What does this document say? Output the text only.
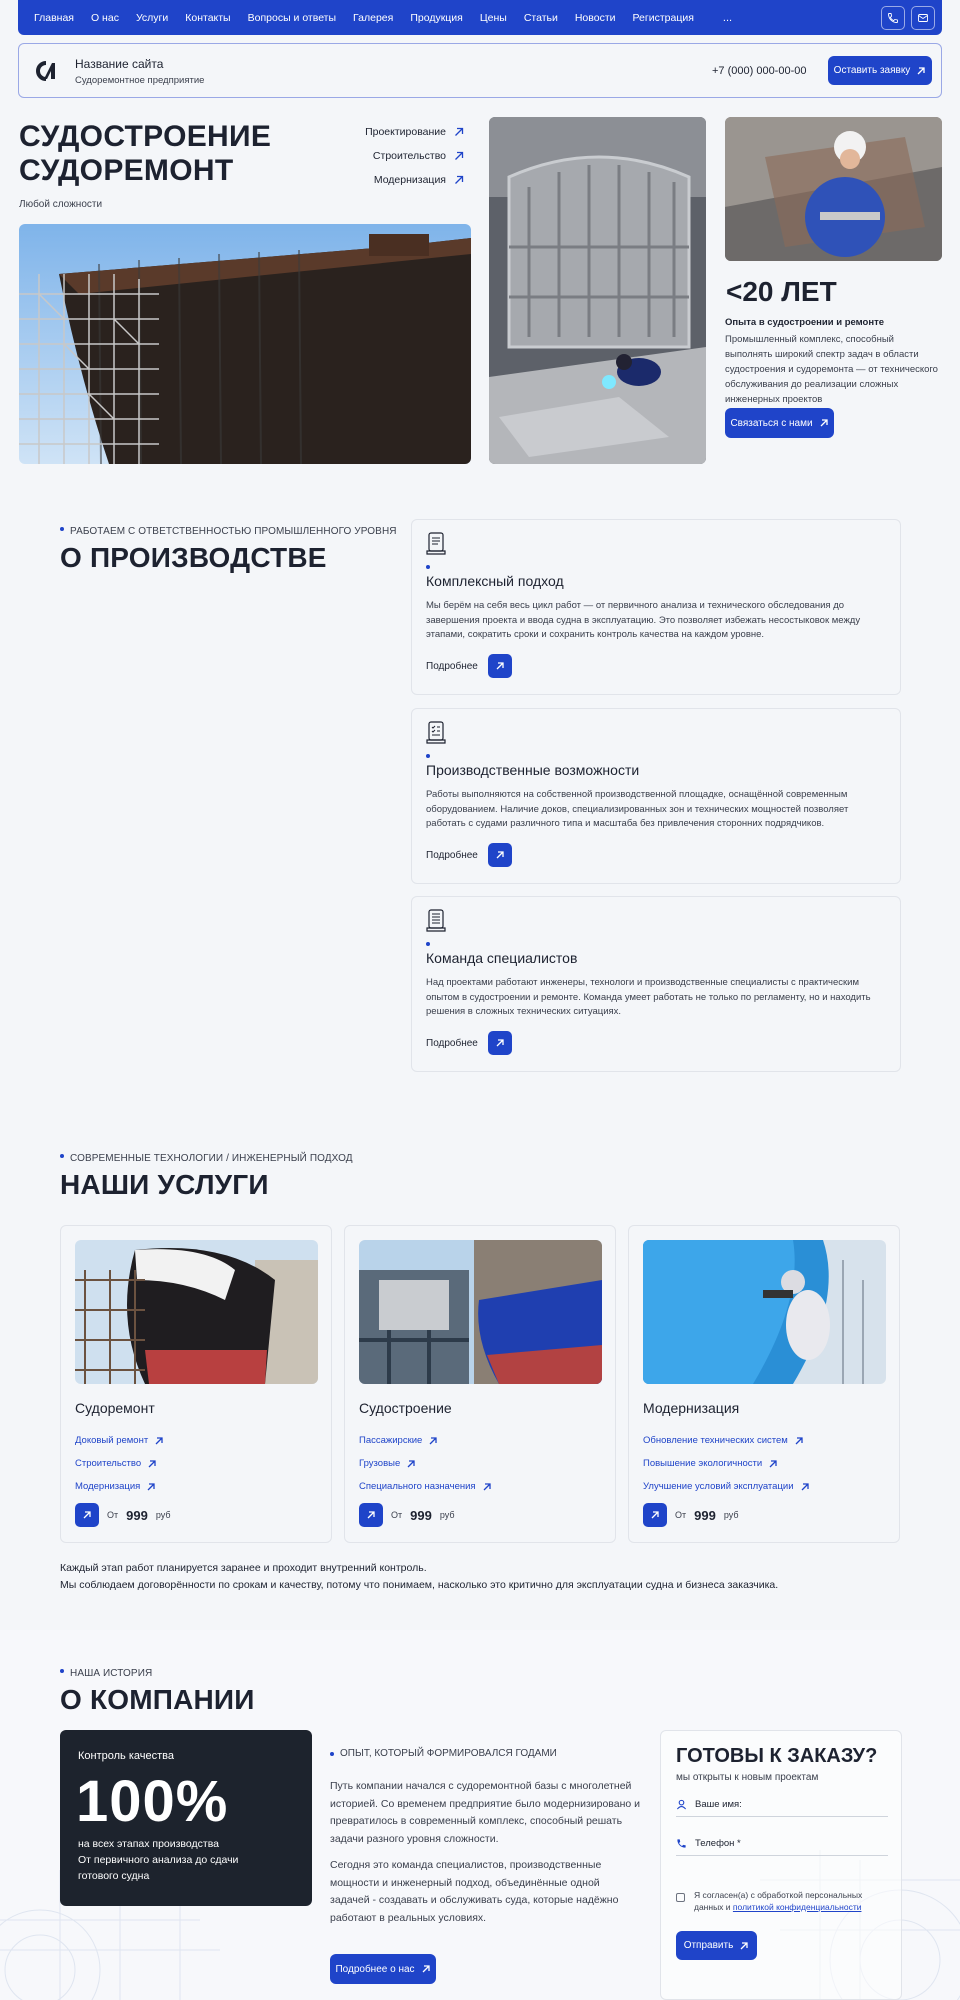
Главная О нас Услуги Контакты Вопросы и ответы Галерея Продукция Цены Статьи Новости Регистрация	...
Название сайта
Судоремонтное предприятие
+7 (000) 000-00-00	Оставить заявку
СУДОСТРОЕНИЕ
СУДОРЕМОНТ
Любой сложности
Проектирование
Строительство
Модернизация
<20 ЛЕТ
Опыта в судостроении и ремонте
Промышленный комплекс, способный выполнять широкий спектр задач в области судостроения и судоремонта — от технического обслуживания до реализации сложных инженерных проектов
Связаться с нами
РАБОТАЕМ С ОТВЕТСТВЕННОСТЬЮ ПРОМЫШЛЕННОГО УРОВНЯ
О ПРОИЗВОДСТВЕ
Комплексный подход
Мы берём на себя весь цикл работ — от первичного анализа и технического обследования до завершения проекта и ввода судна в эксплуатацию. Это позволяет избежать несостыковок между этапами, сократить сроки и сохранить контроль качества на каждом уровне.
Подробнее
Производственные возможности
Работы выполняются на собственной производственной площадке, оснащённой современным оборудованием. Наличие доков, специализированных зон и технических мощностей позволяет работать с судами различного типа и масштаба без привлечения сторонних подрядчиков.
Подробнее
Команда специалистов
Над проектами работают инженеры, технологи и производственные специалисты с практическим опытом в судостроении и ремонте. Команда умеет работать не только по регламенту, но и находить решения в сложных технических ситуациях.
Подробнее
СОВРЕМЕННЫЕ ТЕХНОЛОГИИ / ИНЖЕНЕРНЫЙ ПОДХОД
НАШИ УСЛУГИ
Судоремонт
Доковый ремонт
Строительство
Модернизация
От 999 руб
Судостроение
Пассажирские
Грузовые
Специального назначения
От 999 руб
Модернизация
Обновление технических систем
Повышение экологичности
Улучшение условий эксплуатации
От 999 руб
Каждый этап работ планируется заранее и проходит внутренний контроль.
Мы соблюдаем договорённости по срокам и качеству, потому что понимаем, насколько это критично для эксплуатации судна и бизнеса заказчика.
НАША ИСТОРИЯ
О КОМПАНИИ
Контроль качества
100%
на всех этапах производства
От первичного анализа до сдачи готового судна
ОПЫТ, КОТОРЫЙ ФОРМИРОВАЛСЯ ГОДАМИ
Путь компании начался с судоремонтной базы с многолетней историей. Со временем предприятие было модернизировано и превратилось в современный комплекс, способный решать задачи разного уровня сложности.
Сегодня это команда специалистов, производственные мощности и инженерный подход, объединённые одной задачей - создавать и обслуживать суда, которые надёжно работают в реальных условиях.
Подробнее о нас
ГОТОВЫ К ЗАКАЗУ?
мы открыты к новым проектам
Ваше имя:
Телефон *
Я согласен(а) с обработкой персональных данных и политикой конфиденциальности
Отправить
